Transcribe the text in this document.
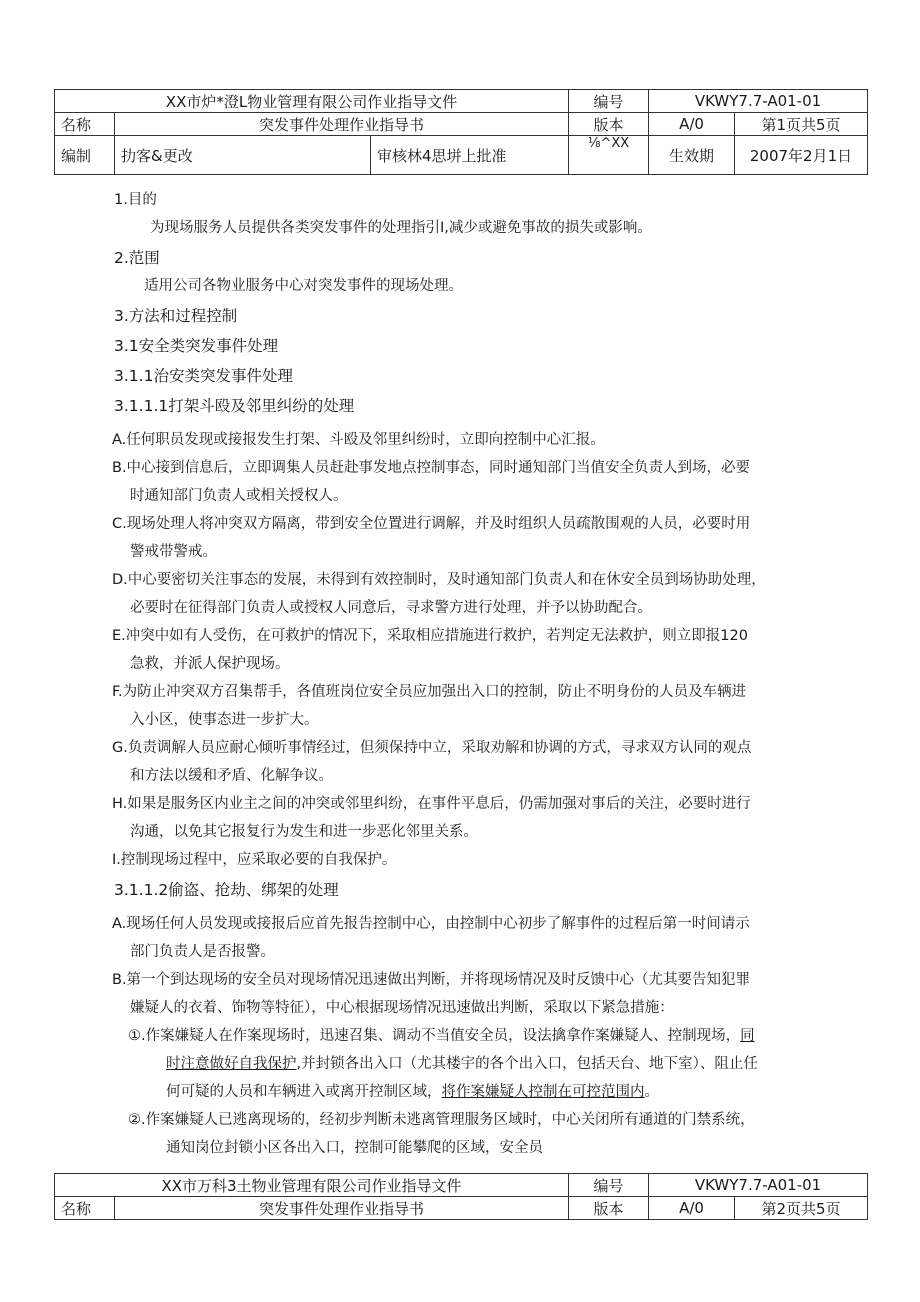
XX市炉*澄L物业管理有限公司作业指导文件			编号	VKWY7.7-A01-01	
名称	突发事件处理作业指导书		版本	A/0	第1页共5页
编制	扐客&更改	审核林4思垪上批准	⅛^XX	生效期	2007年2月1日

1.目的

为现场服务人员提供各类突发事件的处理指引I,减少或避免事故的损失或影响。

2.范围

适用公司各物业服务中心对突发事件的现场处理。

3.方法和过程控制

3.1安全类突发事件处理

3.1.1治安类突发事件处理

3.1.1.1打架斗殴及邻里纠纷的处理

A.任何职员发现或接报发生打架、斗殴及邻里纠纷时，立即向控制中心汇报。

B.中心接到信息后，立即调集人员赶赴事发地点控制事态，同时通知部门当值安全负责人到场，必要
时通知部门负责人或相关授权人。

C.现场处理人将冲突双方隔离，带到安全位置进行调解，并及时组织人员疏散围观的人员，必要时用
警戒带警戒。

D.中心要密切关注事态的发展，未得到有效控制时，及时通知部门负责人和在休安全员到场协助处理，
必要时在征得部门负责人或授权人同意后，寻求警方进行处理，并予以协助配合。

E.冲突中如有人受伤，在可救护的情况下，采取相应措施进行救护，若判定无法救护，则立即报120
急救，并派人保护现场。

F.为防止冲突双方召集帮手，各值班岗位安全员应加强出入口的控制，防止不明身份的人员及车辆进
入小区，使事态进一步扩大。

G.负责调解人员应耐心倾听事情经过，但须保持中立，采取劝解和协调的方式，寻求双方认同的观点
和方法以缓和矛盾、化解争议。

H.如果是服务区内业主之间的冲突或邻里纠纷，在事件平息后，仍需加强对事后的关注，必要时进行
沟通，以免其它报复行为发生和进一步恶化邻里关系。

I.控制现场过程中，应采取必要的自我保护。

3.1.1.2偷盗、抢劫、绑架的处理

A.现场任何人员发现或接报后应首先报告控制中心，由控制中心初步了解事件的过程后第一时间请示
部门负责人是否报警。

B.第一个到达现场的安全员对现场情况迅速做出判断，并将现场情况及时反馈中心（尤其要告知犯罪
嫌疑人的衣着、饰物等特征），中心根据现场情况迅速做出判断，采取以下紧急措施：

①.作案嫌疑人在作案现场时，迅速召集、调动不当值安全员，设法擒拿作案嫌疑人、控制现场，同
时注意做好自我保护,并封锁各出入口（尤其楼宇的各个出入口，包括天台、地下室）、阻止任
何可疑的人员和车辆进入或离开控制区域，将作案嫌疑人控制在可控范围内。
②.作案嫌疑人已逃离现场的，经初步判断未逃离管理服务区域时，中心关闭所有通道的门禁系统，
通知岗位封锁小区各出入口，控制可能攀爬的区域，安全员
XX市万科3土物业管理有限公司作业指导文件		编号	VKWY7.7-A01-01	
名称	突发事件处理作业指导书	版本	A/0	第2页共5页
